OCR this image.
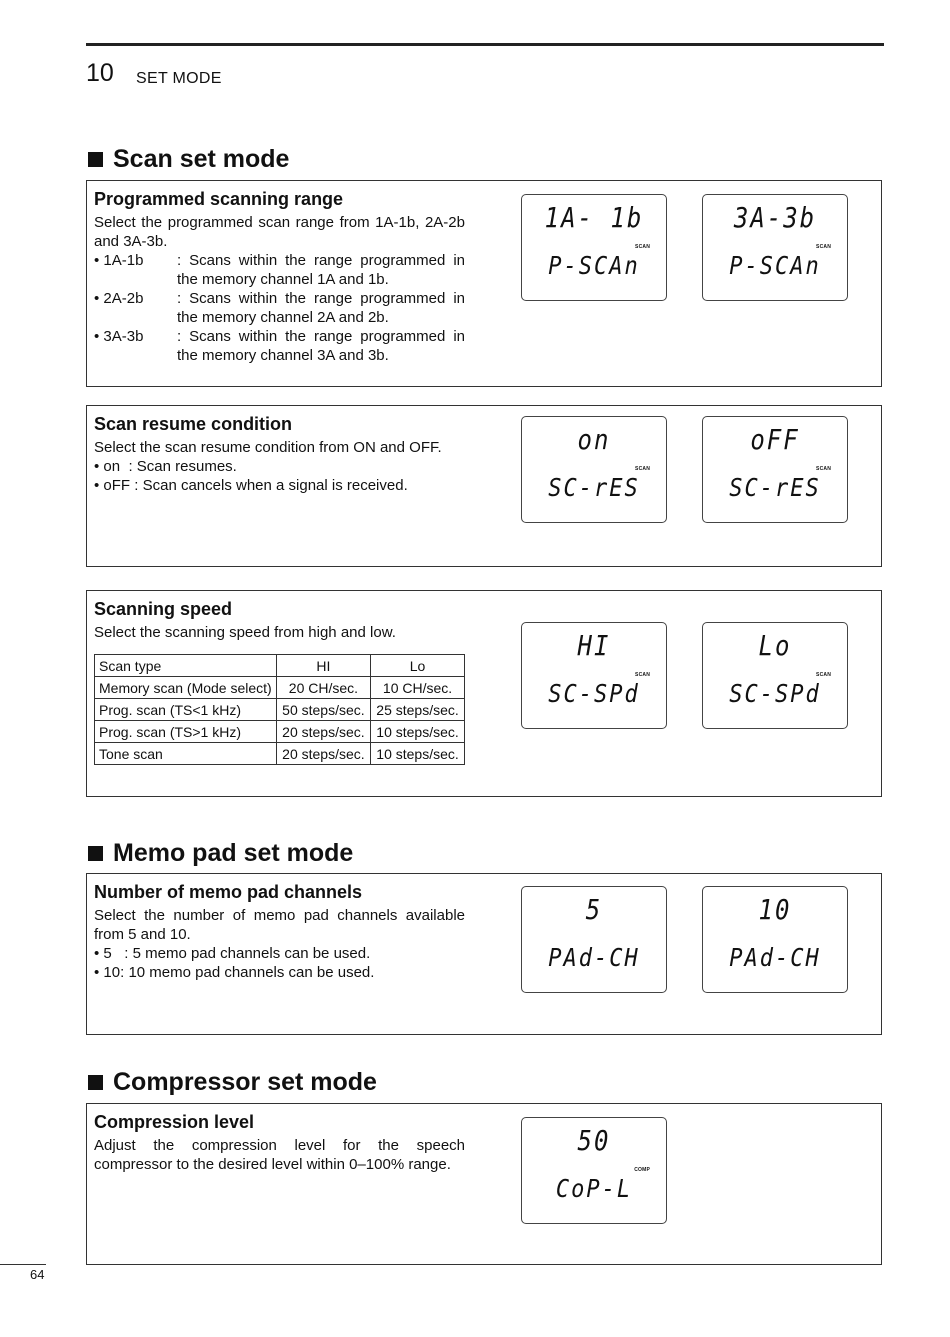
10 SET MODE
Scan set mode
Programmed scanning range

Select the programmed scan range from 1A-1b, 2A-2b and 3A-3b.

• 1A-1b	: Scans within the range programmed in the memory channel 1A and 1b.
• 2A-2b	: Scans within the range programmed in the memory channel 2A and 2b.
• 3A-3b	: Scans within the range programmed in the memory channel 3A and 3b.
1A- 1b
SCAN
P-SCAn
3A-3b
SCAN
P-SCAn
Scan resume condition

Select the scan resume condition from ON and OFF.

• on : Scan resumes.
• oFF : Scan cancels when a signal is received.
on
SCAN
SC-rES
oFF
SCAN
SC-rES
Scanning speed

Select the scanning speed from high and low.

Scan type	HI	Lo
Memory scan (Mode select)	20 CH/sec.	10 CH/sec.
Prog. scan (TS<1 kHz)	50 steps/sec.	25 steps/sec.
Prog. scan (TS>1 kHz)	20 steps/sec.	10 steps/sec.
Tone scan	20 steps/sec.	10 steps/sec.
HI
SCAN
SC-SPd
Lo
SCAN
SC-SPd
Memo pad set mode
Number of memo pad channels

Select the number of memo pad channels available from 5 and 10.

• 5 : 5 memo pad channels can be used.
• 10 : 10 memo pad channels can be used.
5
PAd-CH
10
PAd-CH
Compressor set mode
Compression level

Adjust the compression level for the speech compressor to the desired level within 0–100% range.

50
COMP
CoP-L
64
